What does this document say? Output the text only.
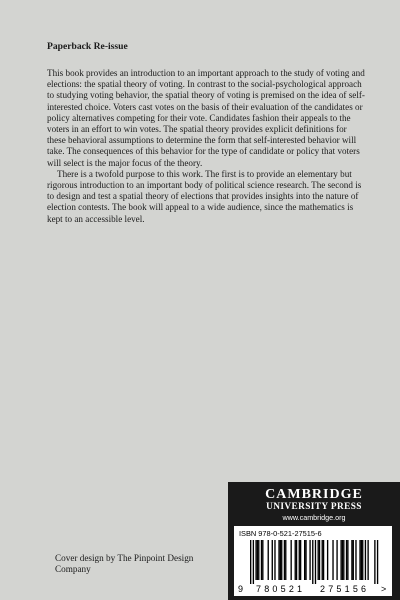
Paperback Re-issue

This book provides an introduction to an important approach to the study of voting and elections: the spatial theory of voting. In contrast to the social-psychological approach to studying voting behavior, the spatial theory of voting is premised on the idea of self-interested choice. Voters cast votes on the basis of their evaluation of the candidates or policy alternatives competing for their vote. Candidates fashion their appeals to the voters in an effort to win votes. The spatial theory provides explicit definitions for these behavioral assumptions to determine the form that self-interested behavior will take. The consequences of this behavior for the type of candidate or policy that voters will select is the major focus of the theory.

There is a twofold purpose to this work. The first is to provide an elementary but rigorous introduction to an important body of political science research. The second is to design and test a spatial theory of elections that provides insights into the nature of election contests. The book will appeal to a wide audience, since the mathematics is kept to an accessible level.

Cover design by The Pinpoint Design Company
CAMBRIDGE
UNIVERSITY PRESS
www.cambridge.org
ISBN 978-0-521-27515-6
9 780521 275156 >
